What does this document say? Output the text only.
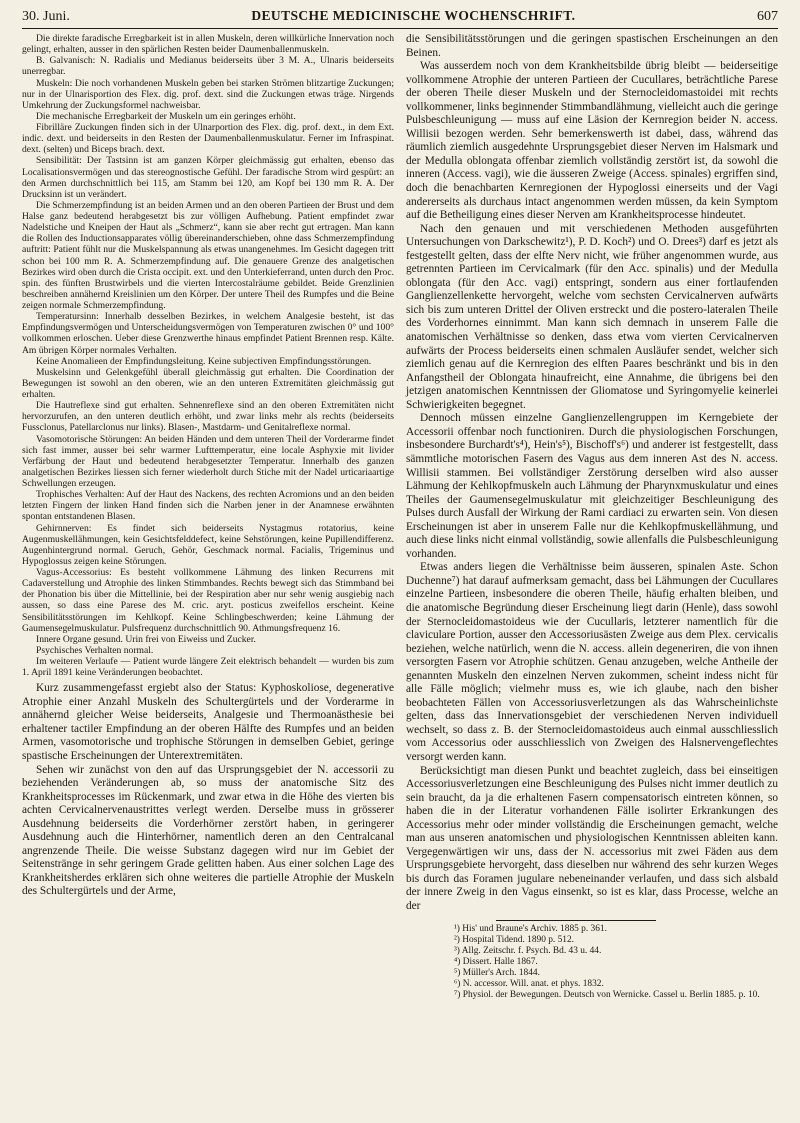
30. Juni.	DEUTSCHE MEDICINISCHE WOCHENSCHRIFT.	607

Die direkte faradische Erregbarkeit ist in allen Muskeln, deren willkürliche Innervation noch gelingt, erhalten, ausser in den spärlichen Resten beider Daumenballenmuskeln.

B. Galvanisch: N. Radialis und Medianus beiderseits über 3 M. A., Ulnaris beiderseits unerregbar.

Muskeln: Die noch vorhandenen Muskeln geben bei starken Strömen blitzartige Zuckungen; nur in der Ulnarisportion des Flex. dig. prof. dext. sind die Zuckungen etwas träge. Nirgends Umkehrung der Zuckungsformel nachweisbar.

Die mechanische Erregbarkeit der Muskeln um ein geringes erhöht.

Fibrilläre Zuckungen finden sich in der Ulnarportion des Flex. dig. prof. dext., in dem Ext. indic. dext. und beiderseits in den Resten der Daumenballenmuskulatur. Ferner im Infraspinat. dext. (selten) und Biceps brach. dext.

Sensibilität: Der Tastsinn ist am ganzen Körper gleichmässig gut erhalten, ebenso das Localisationsvermögen und das stereognostische Gefühl. Der faradische Strom wird gespürt: an den Armen durchschnittlich bei 115, am Stamm bei 120, am Kopf bei 130 mm R. A. Der Drucksinn ist un verändert.

Die Schmerzempfindung ist an beiden Armen und an den oberen Partieen der Brust und dem Halse ganz bedeutend herabgesetzt bis zur völligen Aufhebung. Patient empfindet zwar Nadelstiche und Kneipen der Haut als „Schmerz“, kann sie aber recht gut ertragen. Man kann die Rollen des Inductionsapparates völlig übereinanderschieben, ohne dass Schmerzempfindung auftritt: Patient fühlt nur die Muskelspannung als etwas unangenehmes. Im Gesicht dagegen tritt schon bei 100 mm R. A. Schmerzempfindung auf. Die genauere Grenze des analgetischen Bezirkes wird oben durch die Crista occipit. ext. und den Unterkieferrand, unten durch den Proc. spin. des fünften Brustwirbels und die vierten Intercostalräume gebildet. Beide Grenzlinien beschreiben annähernd Kreislinien um den Körper. Der untere Theil des Rumpfes und die Beine zeigen normale Schmerzempfindung.

Temperatursinn: Innerhalb desselben Bezirkes, in welchem Analgesie besteht, ist das Empfindungsvermögen und Unterscheidungsvermögen von Temperaturen zwischen 0° und 100° vollkommen erloschen. Ueber diese Grenzwerthe hinaus empfindet Patient Brennen resp. Kälte. Am übrigen Körper normales Verhalten.

Keine Anomalieen der Empfindungsleitung. Keine subjectiven Empfindungsstörungen.

Muskelsinn und Gelenkgefühl überall gleichmässig gut erhalten. Die Coordination der Bewegungen ist sowohl an den oberen, wie an den unteren Extremitäten gleichmässig gut erhalten.

Die Hautreflexe sind gut erhalten. Sehnenreflexe sind an den oberen Extremitäten nicht hervorzurufen, an den unteren deutlich erhöht, und zwar links mehr als rechts (beiderseits Fussclonus, Patellarclonus nur links). Blasen-, Mastdarm- und Genitalreflexe normal.

Vasomotorische Störungen: An beiden Händen und dem unteren Theil der Vorderarme findet sich fast immer, ausser bei sehr warmer Lufttemperatur, eine locale Asphyxie mit livider Verfärbung der Haut und bedeutend herabgesetzter Temperatur. Innerhalb des ganzen analgetischen Bezirkes liessen sich ferner wiederholt durch Stiche mit der Nadel urticariaartige Schwellungen erzeugen.

Trophisches Verhalten: Auf der Haut des Nackens, des rechten Acromions und an den beiden letzten Fingern der linken Hand finden sich die Narben jener in der Anamnese erwähnten spontan entstandenen Blasen.

Gehirnnerven: Es findet sich beiderseits Nystagmus rotatorius, keine Augenmuskellähmungen, kein Gesichtsfelddefect, keine Sehstörungen, keine Pupillendifferenz. Augenhintergrund normal. Geruch, Gehör, Geschmack normal. Facialis, Trigeminus und Hypoglossus zeigen keine Störungen.

Vagus-Accessorius: Es besteht vollkommene Lähmung des linken Recurrens mit Cadaverstellung und Atrophie des linken Stimmbandes. Rechts bewegt sich das Stimmband bei der Phonation bis über die Mittellinie, bei der Respiration aber nur sehr wenig ausgiebig nach aussen, so dass eine Parese des M. cric. aryt. posticus zweifellos erscheint. Keine Sensibilitätsstörungen im Kehlkopf. Keine Schlingbeschwerden; keine Lähmung der Gaumensegelmuskulatur. Pulsfrequenz durchschnittlich 90. Athmungsfrequenz 16.

Innere Organe gesund. Urin frei von Eiweiss und Zucker.

Psychisches Verhalten normal.

Im weiteren Verlaufe — Patient wurde längere Zeit elektrisch behandelt — wurden bis zum 1. April 1891 keine Veränderungen beobachtet.

Kurz zusammengefasst ergiebt also der Status: Kyphoskoliose, degenerative Atrophie einer Anzahl Muskeln des Schultergürtels und der Vorderarme in annähernd gleicher Weise beiderseits, Analgesie und Thermoanästhesie bei erhaltener tactiler Empfindung an der oberen Hälfte des Rumpfes und an beiden Armen, vasomotorische und trophische Störungen in demselben Gebiet, geringe spastische Erscheinungen der Unterextremitäten.

Sehen wir zunächst von den auf das Ursprungsgebiet der N. accessorii zu beziehenden Veränderungen ab, so muss der anatomische Sitz des Krankheitsprocesses im Rückenmark, und zwar etwa in die Höhe des vierten bis achten Cervicalnervenaustrittes verlegt werden. Derselbe muss in grösserer Ausdehnung beiderseits die Vorderhörner zerstört haben, in geringerer Ausdehnung auch die Hinterhörner, namentlich deren an den Centralcanal angrenzende Theile. Die weisse Substanz dagegen wird nur im Gebiet der Seitenstränge in sehr geringem Grade gelitten haben. Aus einer solchen Lage des Krankheitsherdes erklären sich ohne weiteres die partielle Atrophie der Muskeln des Schultergürtels und der Arme,

die Sensibilitätsstörungen und die geringen spastischen Erscheinungen an den Beinen.

Was ausserdem noch von dem Krankheitsbilde übrig bleibt — beiderseitige vollkommene Atrophie der unteren Partieen der Cucullares, beträchtliche Parese der oberen Theile dieser Muskeln und der Sternocleidomastoidei mit rechts vollkommener, links beginnender Stimmbandlähmung, vielleicht auch die geringe Pulsbeschleunigung — muss auf eine Läsion der Kernregion beider N. access. Willisii bezogen werden. Sehr bemerkenswerth ist dabei, dass, während das räumlich ziemlich ausgedehnte Ursprungsgebiet dieser Nerven im Halsmark und der Medulla oblongata offenbar ziemlich vollständig zerstört ist, da sowohl die inneren (Access. vagi), wie die äusseren Zweige (Access. spinales) ergriffen sind, doch die benachbarten Kernregionen der Hypoglossi einerseits und der Vagi andererseits als durchaus intact angenommen werden müssen, da kein Symptom auf die Betheiligung eines dieser Nerven am Krankheitsprocesse hindeutet.

Nach den genauen und mit verschiedenen Methoden ausgeführten Untersuchungen von Darkschewitz¹), P. D. Koch²) und O. Drees³) darf es jetzt als festgestellt gelten, dass der elfte Nerv nicht, wie früher angenommen wurde, aus getrennten Partieen im Cervicalmark (für den Acc. spinalis) und der Medulla oblongata (für den Acc. vagi) entspringt, sondern aus einer fortlaufenden Ganglienzellenkette hervorgeht, welche vom sechsten Cervicalnerven aufwärts sich bis zum unteren Drittel der Oliven erstreckt und die postero-lateralen Theile des Vorderhornes einnimmt. Man kann sich demnach in unserem Falle die anatomischen Verhältnisse so denken, dass etwa vom vierten Cervicalnerven aufwärts der Process beiderseits einen schmalen Ausläufer sendet, welcher sich ziemlich genau auf die Kernregion des elften Paares beschränkt und bis in den Anfangstheil der Oblongata hinaufreicht, eine Annahme, die übrigens bei den jetzigen anatomischen Kenntnissen der Gliomatose und Syringomyelie keinerlei Schwierigkeiten begegnet.

Dennoch müssen einzelne Ganglienzellengruppen im Kerngebiete der Accessorii offenbar noch functioniren. Durch die physiologischen Forschungen, insbesondere Burchardt's⁴), Hein's⁵), Bischoff's⁶) und anderer ist festgestellt, dass sämmtliche motorischen Fasern des Vagus aus dem inneren Ast des N. access. Willisii stammen. Bei vollständiger Zerstörung derselben wird also ausser Lähmung der Kehlkopfmuskeln auch Lähmung der Pharynxmuskulatur und eines Theiles der Gaumensegelmuskulatur mit gleichzeitiger Beschleunigung des Pulses durch Ausfall der Wirkung der Rami cardiaci zu erwarten sein. Von diesen Erscheinungen ist aber in unserem Falle nur die Kehlkopfmuskellähmung, und auch diese links nicht einmal vollständig, sowie allenfalls die Pulsbeschleunigung vorhanden.

Etwas anders liegen die Verhältnisse beim äusseren, spinalen Aste. Schon Duchenne⁷) hat darauf aufmerksam gemacht, dass bei Lähmungen der Cucullares einzelne Partieen, insbesondere die oberen Theile, häufig erhalten bleiben, und die anatomische Begründung dieser Erscheinung liegt darin (Henle), dass sowohl der Sternocleidomastoideus wie der Cucullaris, letzterer namentlich für die claviculare Portion, ausser den Accessoriusästen Zweige aus dem Plex. cervicalis beziehen, welche natürlich, wenn die N. access. allein degeneriren, die von ihnen versorgten Fasern vor Atrophie schützen. Genau anzugeben, welche Antheile der genannten Muskeln den einzelnen Nerven zukommen, scheint indess nicht für alle Fälle möglich; vielmehr muss es, wie ich glaube, nach den bisher beobachteten Fällen von Accessoriusverletzungen als das Wahrscheinlichste gelten, dass das Innervationsgebiet der verschiedenen Nerven individuell wechselt, so dass z. B. der Sternocleidomastoideus auch einmal ausschliesslich vom Accessorius oder ausschliesslich von Zweigen des Halsnervengeflechtes versorgt werden kann.

Berücksichtigt man diesen Punkt und beachtet zugleich, dass bei einseitigen Accessoriusverletzungen eine Beschleunigung des Pulses nicht immer deutlich zu sein braucht, da ja die erhaltenen Fasern compensatorisch eintreten können, so haben die in der Literatur vorhandenen Fälle isolirter Erkrankungen des Accessorius mehr oder minder vollständig die Erscheinungen gemacht, welche man aus unseren anatomischen und physiologischen Kenntnissen ableiten kann. Vergegenwärtigen wir uns, dass der N. accessorius mit zwei Fäden aus dem Ursprungsgebiete hervorgeht, dass dieselben nur während des sehr kurzen Weges bis durch das Foramen jugulare nebeneinander verlaufen, und dass sich alsbald der innere Zweig in den Vagus einsenkt, so ist es klar, dass Processe, welche an der

¹) His' und Braune's Archiv. 1885 p. 361.

²) Hospital Tidend. 1890 p. 512.

³) Allg. Zeitschr. f. Psych. Bd. 43 u. 44.

⁴) Dissert. Halle 1867.

⁵) Müller's Arch. 1844.

⁶) N. accessor. Will. anat. et phys. 1832.

⁷) Physiol. der Bewegungen. Deutsch von Wernicke. Cassel u. Berlin 1885. p. 10.
